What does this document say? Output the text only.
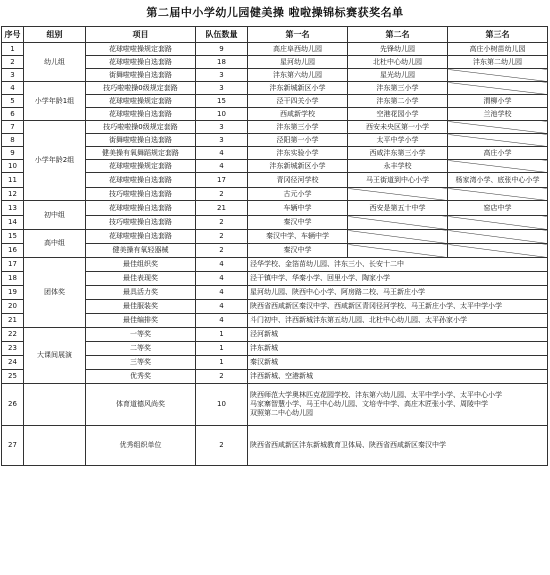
第二届中小学幼儿园健美操 啦啦操锦标赛获奖名单
序号	组别	项目	队伍数量	第一名	第二名	第三名
1	幼儿组	花球啦啦操规定套路	9	高庄阜西幼儿园	先锋幼儿园	高庄小树苗幼儿园
2		花球啦啦操自选套路	18	星河幼儿园	北杜中心幼儿园	沣东第二幼儿园
3		街舞啦啦操自选套路	3	沣东第六幼儿园	星光幼儿园	
4	小学年龄1组	技巧啦啦操0级规定套路	3	沣东新城新区小学	沣东第三小学	
5		花球啦啦操规定套路	15	泾干四关小学	沣东第二小学	渭柳小学
6		花球啦啦操自选套路	10	西咸新学校	空港花园小学	兰池学校
7	小学年龄2组	技巧啦啦操0级规定套路	3	沣东第三小学	西安未央区第一小学	
8		街舞啦啦操自选套路	3	泾阳第一小学	太平中学小学	
9		健美操有氧舞蹈规定套路	4	沣东实验小学	西咸沣东第三小学	高庄小学
10		花球啦啦操规定套路	4	沣东新城新区小学	永丰学校	
11		花球啦啦操自选套路	17	青冈径河学校	马王街道到中心小学	杨家湾小学、底张中心小学
12		技巧啦啦操自选套路	2	古元小学		
13	初中组	花球啦啦操自选套路	21	车辆中学	西安是第五十中学	窑店中学
14		技巧啦啦操自选套路	2	秦汉中学		
15	高中组	花球啦啦操自选套路	2	秦汉中学、车辆中学		
16		健美操有氧轻器械	2	秦汉中学		
17	团体奖	最佳组织奖	4	泾华学校、金箔苗幼儿园、沣东三小、长安十二中		
18		最佳表现奖	4	泾干镇中学、华秦小学、回里小学、陶家小学		
19		最具活力奖	4	星河幼儿园、陕西中心小学、阿房路二校、马王新庄小学		
20		最佳服装奖	4	陕西省西咸新区秦汉中学、西咸新区青冈径河学校、马王新庄小学、太平中学小学		
21		最佳编排奖	4	斗门初中、沣西新城沣东第五幼儿园、北杜中心幼儿园、太平孙家小学		
22	大课间展演	一等奖	1	泾河新城		
23		二等奖	1	沣东新城		
24		三等奖	1	秦汉新城		
25		优秀奖	2	沣西新城、空港新城		
26		体育道德风尚奖	10	陕西师范大学奥林匹克花园学校、沣东第六幼儿园、太平中学小学、太平中心小学
马家寨智慧小学、马王中心幼儿园、文培寺中学、高庄木匠张小学、周陵中学
双照第二中心幼儿园		

27		优秀组织单位	2	陕西省西咸新区沣东新城教育卫体局、陕西省西咸新区秦汉中学		
